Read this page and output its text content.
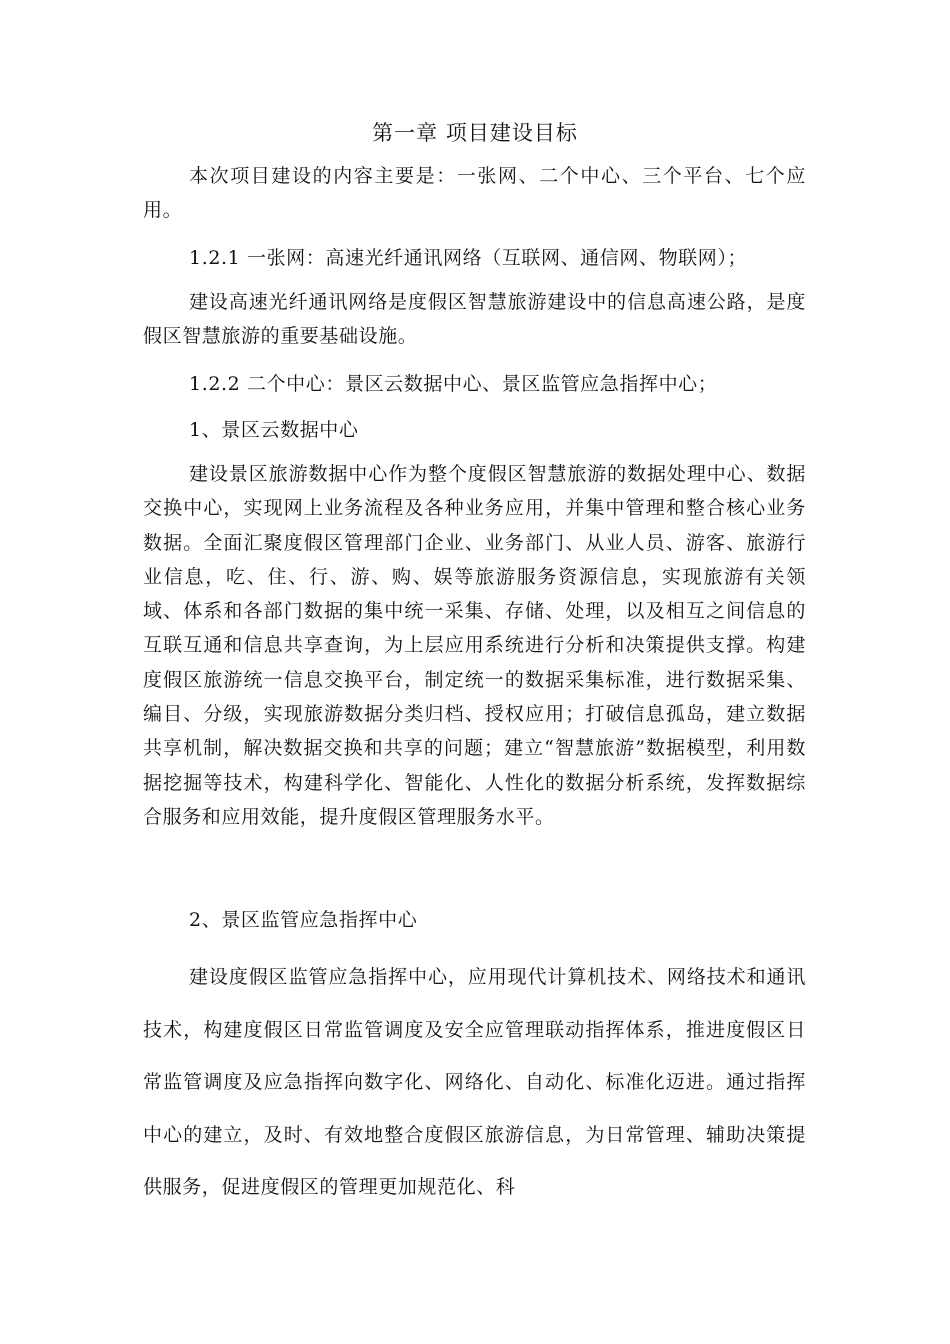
第一章 项目建设目标

本次项目建设的内容主要是：一张网、二个中心、三个平台、七个应用。

1.2.1 一张网：高速光纤通讯网络（互联网、通信网、物联网）；

建设高速光纤通讯网络是度假区智慧旅游建设中的信息高速公路，是度假区智慧旅游的重要基础设施。

1.2.2 二个中心：景区云数据中心、景区监管应急指挥中心；

1、景区云数据中心

建设景区旅游数据中心作为整个度假区智慧旅游的数据处理中心、数据交换中心，实现网上业务流程及各种业务应用，并集中管理和整合核心业务数据。全面汇聚度假区管理部门企业、业务部门、从业人员、游客、旅游行业信息，吃、住、行、游、购、娱等旅游服务资源信息，实现旅游有关领域、体系和各部门数据的集中统一采集、存储、处理，以及相互之间信息的互联互通和信息共享查询，为上层应用系统进行分析和决策提供支撑。构建度假区旅游统一信息交换平台，制定统一的数据采集标准，进行数据采集、编目、分级，实现旅游数据分类归档、授权应用；打破信息孤岛，建立数据共享机制，解决数据交换和共享的问题；建立“智慧旅游”数据模型，利用数据挖掘等技术，构建科学化、智能化、人性化的数据分析系统，发挥数据综合服务和应用效能，提升度假区管理服务水平。

2、景区监管应急指挥中心

建设度假区监管应急指挥中心，应用现代计算机技术、网络技术和通讯技术，构建度假区日常监管调度及安全应管理联动指挥体系，推进度假区日常监管调度及应急指挥向数字化、网络化、自动化、标准化迈进。通过指挥中心的建立，及时、有效地整合度假区旅游信息，为日常管理、辅助决策提供服务，促进度假区的管理更加规范化、科
